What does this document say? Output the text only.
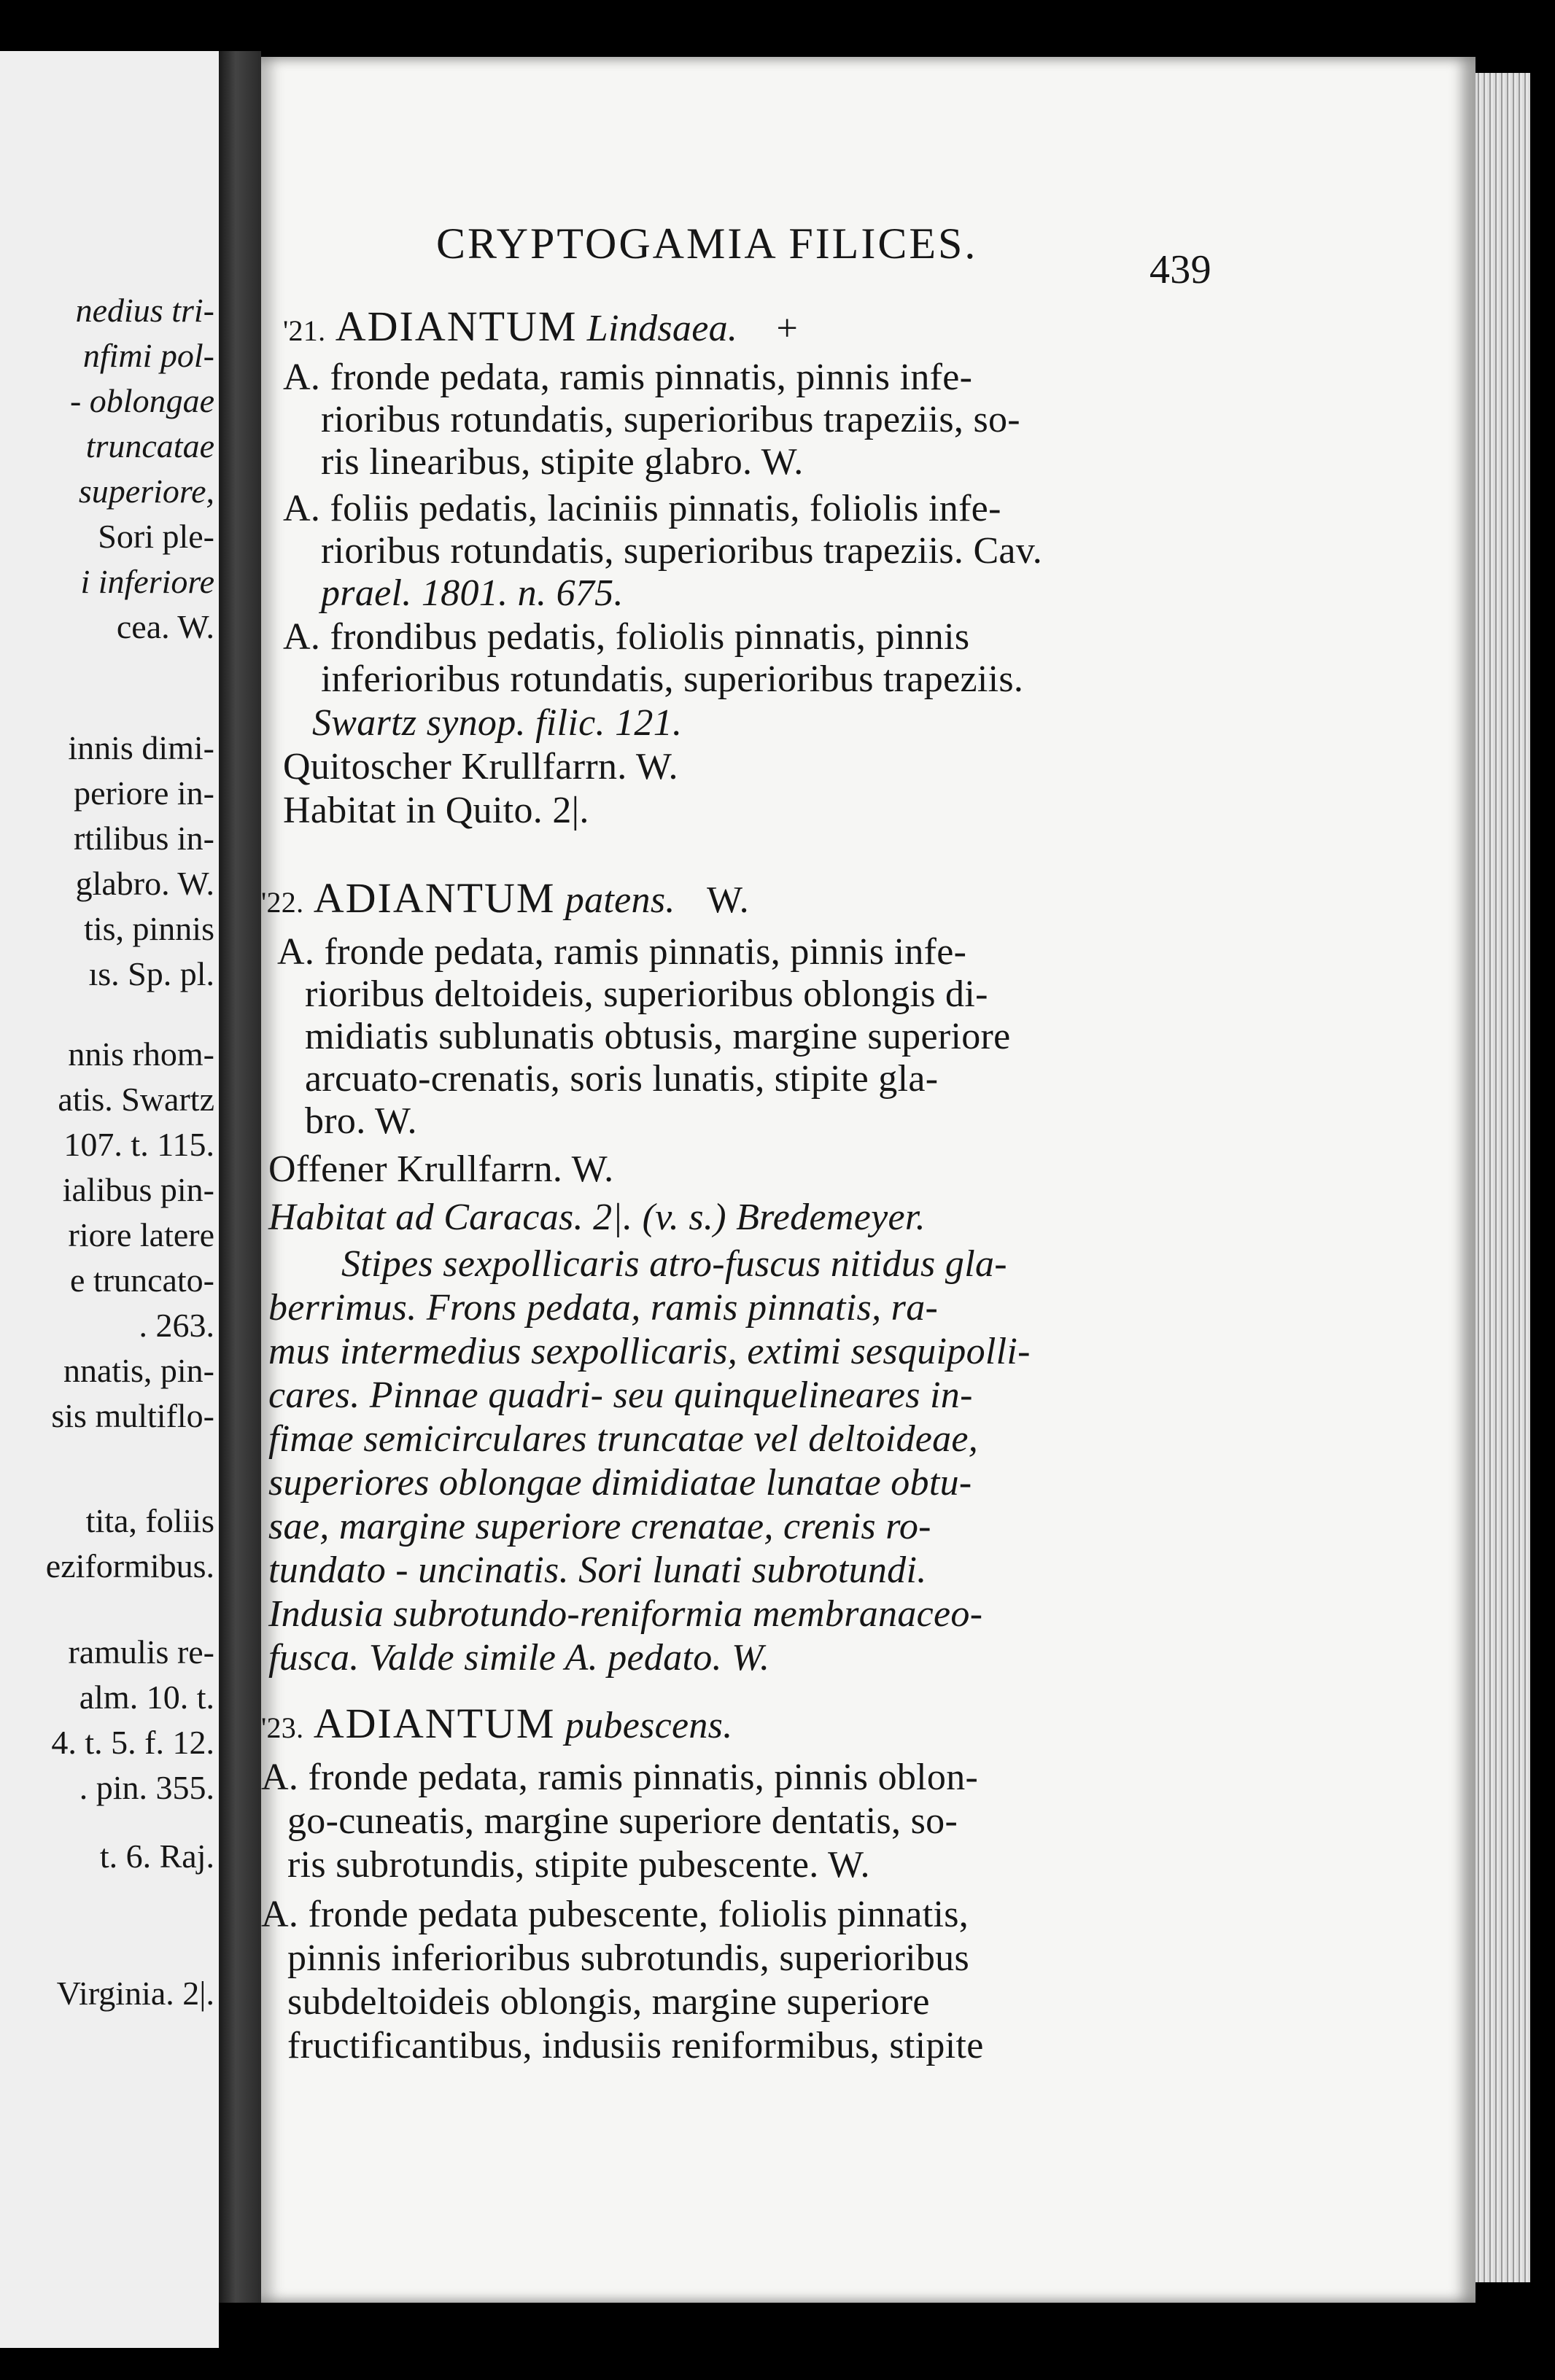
nedius tri-
nfimi pol-
- oblongae
truncatae
superiore,
Sori ple-
i inferiore
cea. W.
innis dimi-
periore in-
rtilibus in-
glabro. W.
tis, pinnis
ıs. Sp. pl.
nnis rhom-
atis. Swartz
107. t. 115.
ialibus pin-
riore latere
e truncato-
. 263.
nnatis, pin-
sis multiflo-
tita, foliis
eziformibus.
ramulis re-
alm. 10. t.
4. t. 5. f. 12.
. pin. 355.
t. 6. Raj.
Virginia. 2|.
CRYPTOGAMIA FILICES.
439
'21. ADIANTUM Lindsaea. +
A. fronde pedata, ramis pinnatis, pinnis infe-
rioribus rotundatis, superioribus trapeziis, so-
ris linearibus, stipite glabro. W.
A. foliis pedatis, laciniis pinnatis, foliolis infe-
rioribus rotundatis, superioribus trapeziis. Cav.
prael. 1801. n. 675.
A. frondibus pedatis, foliolis pinnatis, pinnis
inferioribus rotundatis, superioribus trapeziis.
Swartz synop. filic. 121.
Quitoscher Krullfarrn. W.
Habitat in Quito. 2|.
'22. ADIANTUM patens. W.
A. fronde pedata, ramis pinnatis, pinnis infe-
rioribus deltoideis, superioribus oblongis di-
midiatis sublunatis obtusis, margine superiore
arcuato-crenatis, soris lunatis, stipite gla-
bro. W.
Offener Krullfarrn. W.
Habitat ad Caracas. 2|. (v. s.) Bredemeyer.
Stipes sexpollicaris atro-fuscus nitidus gla-
berrimus. Frons pedata, ramis pinnatis, ra-
mus intermedius sexpollicaris, extimi sesquipolli-
cares. Pinnae quadri- seu quinquelineares in-
fimae semicirculares truncatae vel deltoideae,
superiores oblongae dimidiatae lunatae obtu-
sae, margine superiore crenatae, crenis ro-
tundato - uncinatis. Sori lunati subrotundi.
Indusia subrotundo-reniformia membranaceo-
fusca. Valde simile A. pedato. W.
'23. ADIANTUM pubescens.
A. fronde pedata, ramis pinnatis, pinnis oblon-
go-cuneatis, margine superiore dentatis, so-
ris subrotundis, stipite pubescente. W.
A. fronde pedata pubescente, foliolis pinnatis,
pinnis inferioribus subrotundis, superioribus
subdeltoideis oblongis, margine superiore
fructificantibus, indusiis reniformibus, stipite
